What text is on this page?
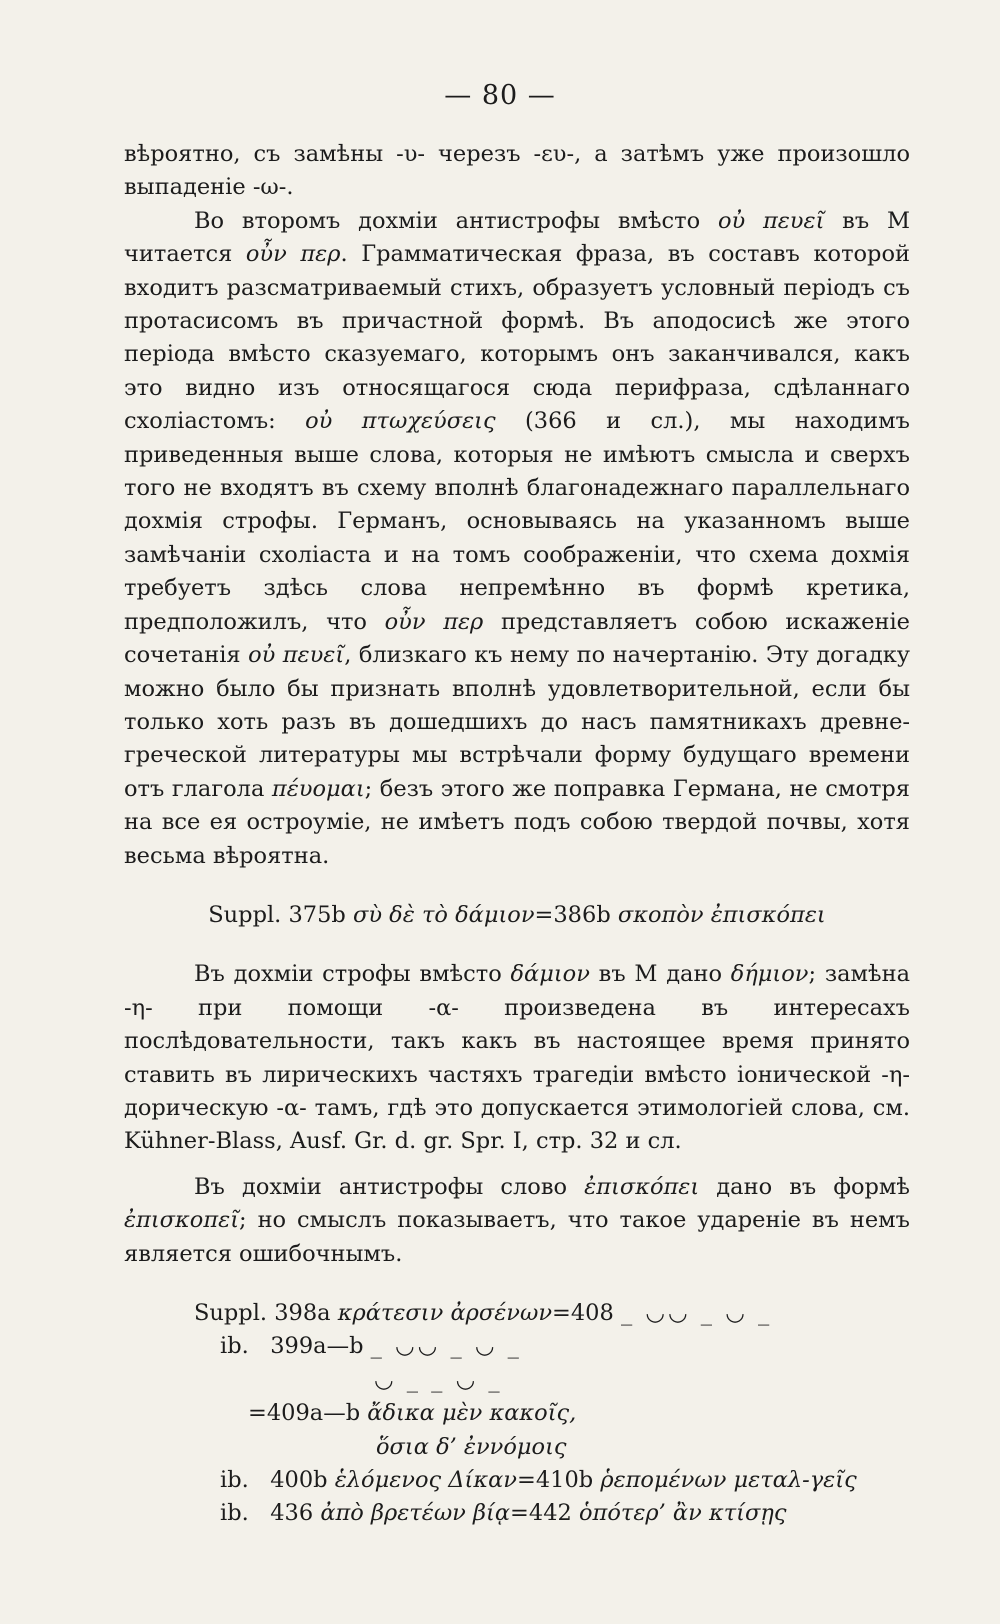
— 80 —

вѣроятно, съ замѣны -υ- черезъ -ευ-, а затѣмъ уже произошло выпаденіе -ω-.

Во второмъ дохміи антистрофы вмѣсто οὐ πευεῖ въ M читается οὖν περ. Грамматическая фраза, въ составъ которой входитъ разсматриваемый стихъ, образуетъ условный періодъ съ протасисомъ въ причастной формѣ. Въ аподосисѣ же этого періода вмѣсто сказуемаго, которымъ онъ заканчивался, какъ это видно изъ относящагося сюда перифраза, сдѣланнаго схоліастомъ: οὐ πτωχεύσεις (366 и сл.), мы находимъ приведенныя выше слова, которыя не имѣютъ смысла и сверхъ того не входятъ въ схему вполнѣ благонадежнаго параллельнаго дохмія строфы. Германъ, основываясь на указанномъ выше замѣчаніи схоліаста и на томъ соображеніи, что схема дохмія требуетъ здѣсь слова непремѣнно въ формѣ кретика, предположилъ, что οὖν περ представляетъ собою искаженіе сочетанія οὐ πευεῖ, близкаго къ нему по начертанію. Эту догадку можно было бы признать вполнѣ удовлетворительной, если бы только хоть разъ въ дошедшихъ до насъ памятникахъ древне-греческой литературы мы встрѣчали форму будущаго времени отъ глагола πέυομαι; безъ этого же поправка Германа, не смотря на все ея остроуміе, не имѣетъ подъ собою твердой почвы, хотя весьма вѣроятна.

Suppl. 375b σὺ δὲ τὸ δάμιον=386b σκοπὸν ἐπισκόπει

Въ дохміи строфы вмѣсто δάμιον въ M дано δήμιον; замѣна -η- при помощи -α- произведена въ интересахъ послѣдовательности, такъ какъ въ настоящее время принято ставить въ лирическихъ частяхъ трагедіи вмѣсто іонической -η- дорическую -α- тамъ, гдѣ это допускается этимологіей слова, см. Kühner-Blass, Ausf. Gr. d. gr. Spr. I, стр. 32 и сл.

Въ дохміи антистрофы слово ἐπισκόπει дано въ формѣ ἐπισκοπεῖ; но смыслъ показываетъ, что такое удареніе въ немъ является ошибочнымъ.

Suppl. 398a κράτεσιν ἀρσένων=408 _ ◡◡ _ ◡ _
ib.   399a—b _ ◡◡ _ ◡ _
◡ _ _ ◡ _
=409a—b ἄδικα μὲν κακοῖς,
ὅσια δ’ ἐννόμοις
ib.   400b ἑλόμενος Δίκαν=410b ῥεπομένων μεταλ-γεῖς
ib.   436 ἀπὸ βρετέων βίᾳ=442 ὁπότερ’ ἂν κτίσῃς
